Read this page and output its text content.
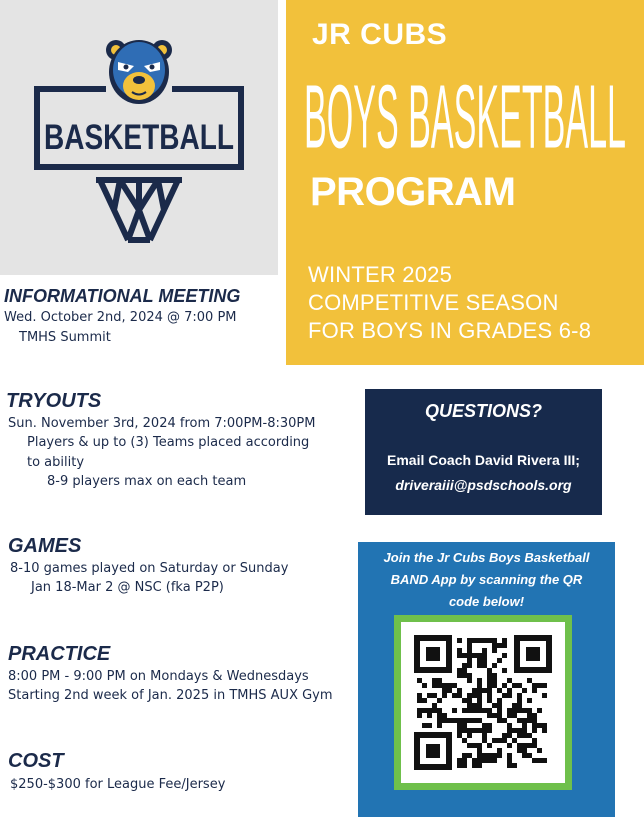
BASKETBALL
JR CUBS
BOYS BASKETBALL
PROGRAM
WINTER 2025
COMPETITIVE SEASON
FOR BOYS IN GRADES 6-8
INFORMATIONAL MEETING
Wed. October 2nd, 2024 @ 7:00 PM
TMHS Summit
TRYOUTS
Sun. November 3rd, 2024 from 7:00PM-8:30PM
Players & up to (3) Teams placed according
to ability
8-9 players max on each team
GAMES
8-10 games played on Saturday or Sunday
Jan 18-Mar 2 @ NSC (fka P2P)
PRACTICE
8:00 PM - 9:00 PM on Mondays & Wednesdays
Starting 2nd week of Jan. 2025 in TMHS AUX Gym
COST
$250-$300 for League Fee/Jersey
QUESTIONS?
Email Coach David Rivera III;
driveraiii@psdschools.org
Join the Jr Cubs Boys Basketball
BAND App by scanning the QR
code below!
